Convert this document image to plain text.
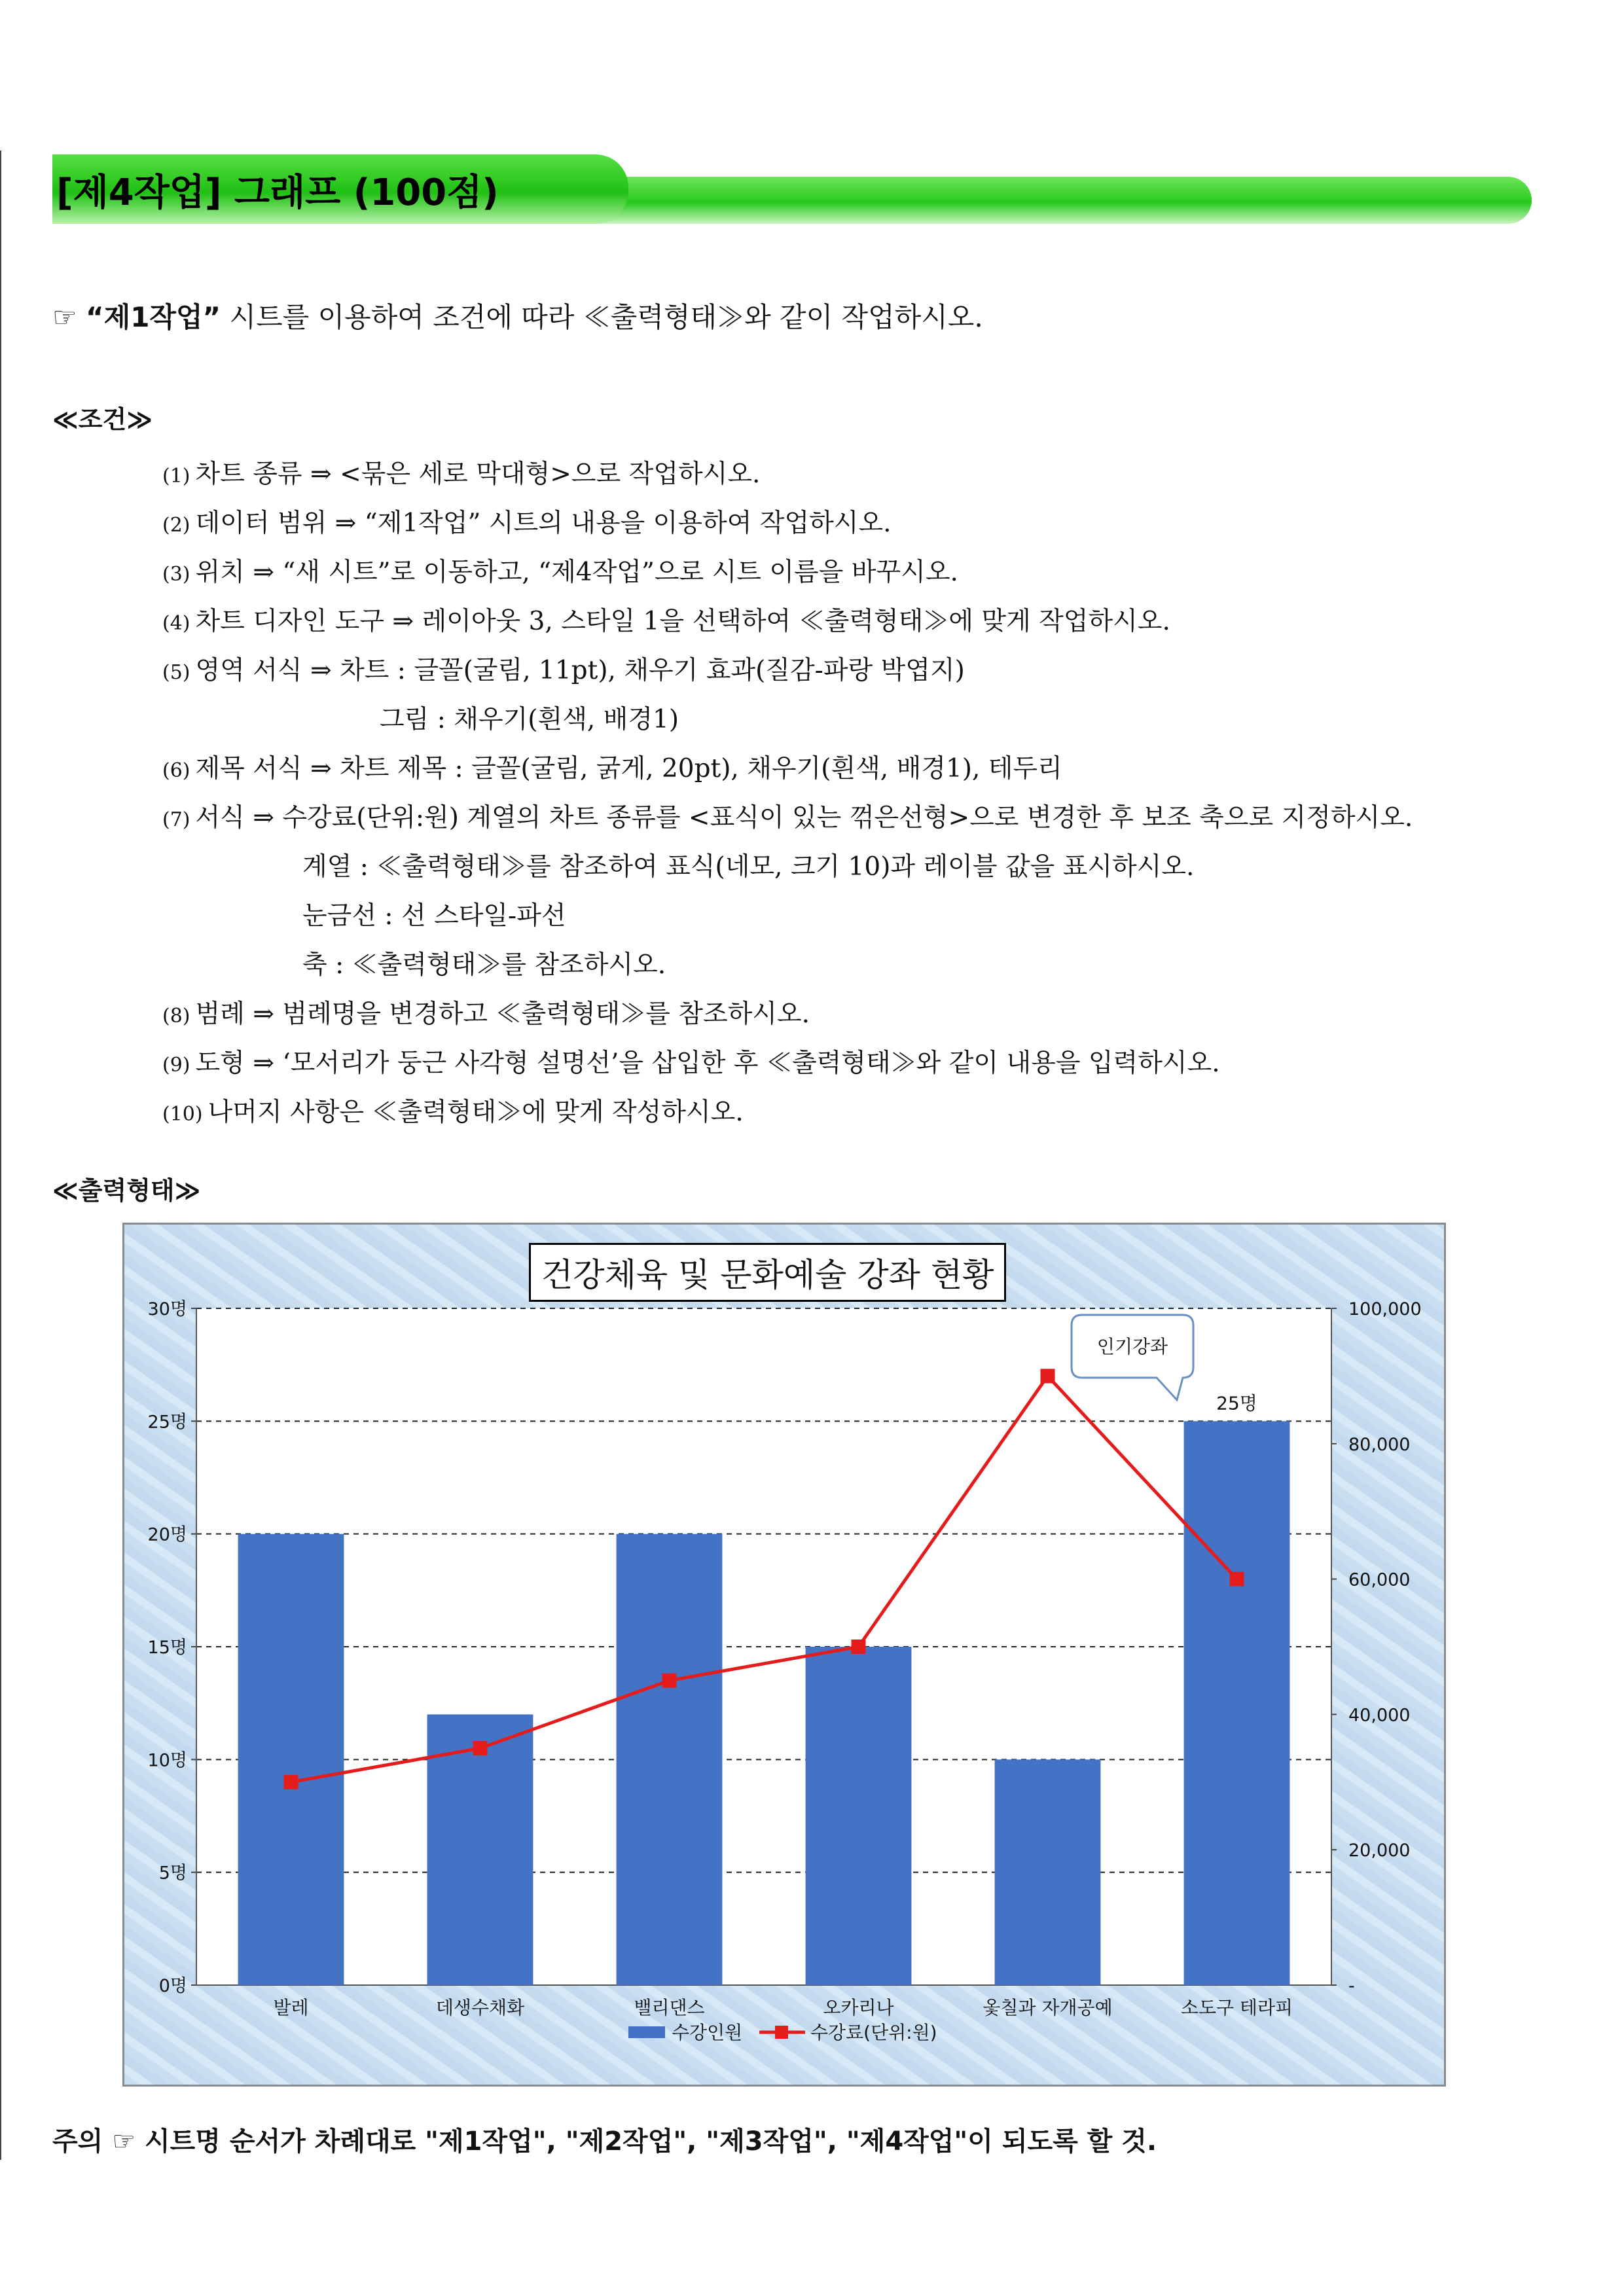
[제4작업] 그래프 (100점)
☞ “제1작업” 시트를 이용하여 조건에 따라 ≪출력형태≫와 같이 작업하시오.
≪조건≫
(1) 차트 종류 ⇒ <묶은 세로 막대형>으로 작업하시오.
(2) 데이터 범위 ⇒ “제1작업” 시트의 내용을 이용하여 작업하시오.
(3) 위치 ⇒ “새 시트”로 이동하고, “제4작업”으로 시트 이름을 바꾸시오.
(4) 차트 디자인 도구 ⇒ 레이아웃 3, 스타일 1을 선택하여 ≪출력형태≫에 맞게 작업하시오.
(5) 영역 서식 ⇒ 차트 : 글꼴(굴림, 11pt), 채우기 효과(질감-파랑 박엽지)
그림 : 채우기(흰색, 배경1)
(6) 제목 서식 ⇒ 차트 제목 : 글꼴(굴림, 굵게, 20pt), 채우기(흰색, 배경1), 테두리
(7) 서식 ⇒ 수강료(단위:원) 계열의 차트 종류를 <표식이 있는 꺾은선형>으로 변경한 후 보조 축으로 지정하시오.
계열 : ≪출력형태≫를 참조하여 표식(네모, 크기 10)과 레이블 값을 표시하시오.
눈금선 : 선 스타일-파선
축 : ≪출력형태≫를 참조하시오.
(8) 범례 ⇒ 범례명을 변경하고 ≪출력형태≫를 참조하시오.
(9) 도형 ⇒ ‘모서리가 둥근 사각형 설명선’을 삽입한 후 ≪출력형태≫와 같이 내용을 입력하시오.
(10) 나머지 사항은 ≪출력형태≫에 맞게 작성하시오.
≪출력형태≫
0명
5명
10명
15명
20명
25명
30명
-
20,000
40,000
60,000
80,000
100,000
발레	데생수채화	밸리댄스	오카리나	옻칠과 자개공예	소도구 테라피
25명
인기강좌
수강인원	수강료(단위:원)
건강체육 및 문화예술 강좌 현황
주의 ☞ 시트명 순서가 차례대로 "제1작업", "제2작업", "제3작업", "제4작업"이 되도록 할 것.
